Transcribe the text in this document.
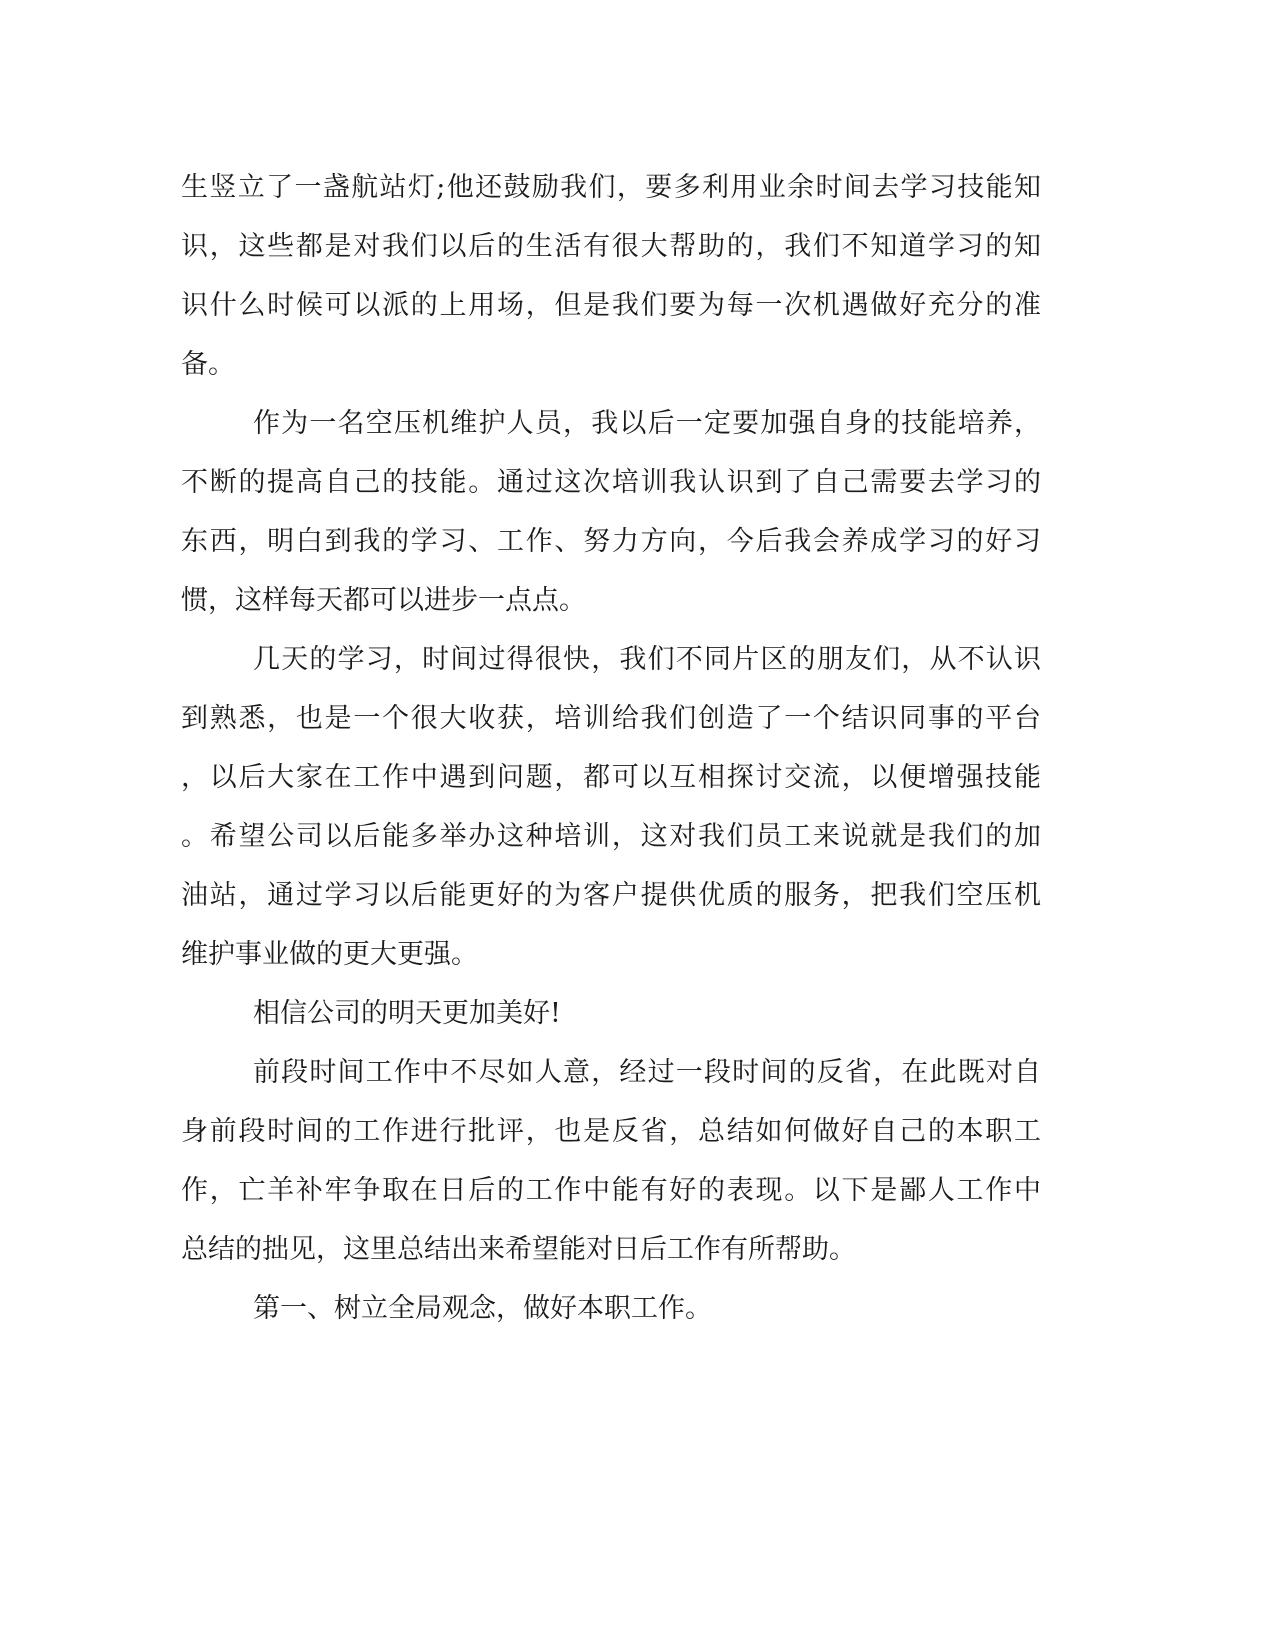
生竖立了一盏航站灯;他还鼓励我们，要多利用业余时间去学习技能知
识，这些都是对我们以后的生活有很大帮助的，我们不知道学习的知
识什么时候可以派的上用场，但是我们要为每一次机遇做好充分的准
备。
作为一名空压机维护人员，我以后一定要加强自身的技能培养，
不断的提高自己的技能。通过这次培训我认识到了自己需要去学习的
东西，明白到我的学习、工作、努力方向，今后我会养成学习的好习
惯，这样每天都可以进步一点点。
几天的学习，时间过得很快，我们不同片区的朋友们，从不认识
到熟悉，也是一个很大收获，培训给我们创造了一个结识同事的平台
，以后大家在工作中遇到问题，都可以互相探讨交流，以便增强技能
。希望公司以后能多举办这种培训，这对我们员工来说就是我们的加
油站，通过学习以后能更好的为客户提供优质的服务，把我们空压机
维护事业做的更大更强。
相信公司的明天更加美好!
前段时间工作中不尽如人意，经过一段时间的反省，在此既对自
身前段时间的工作进行批评，也是反省，总结如何做好自己的本职工
作，亡羊补牢争取在日后的工作中能有好的表现。以下是鄙人工作中
总结的拙见，这里总结出来希望能对日后工作有所帮助。
第一、树立全局观念，做好本职工作。
